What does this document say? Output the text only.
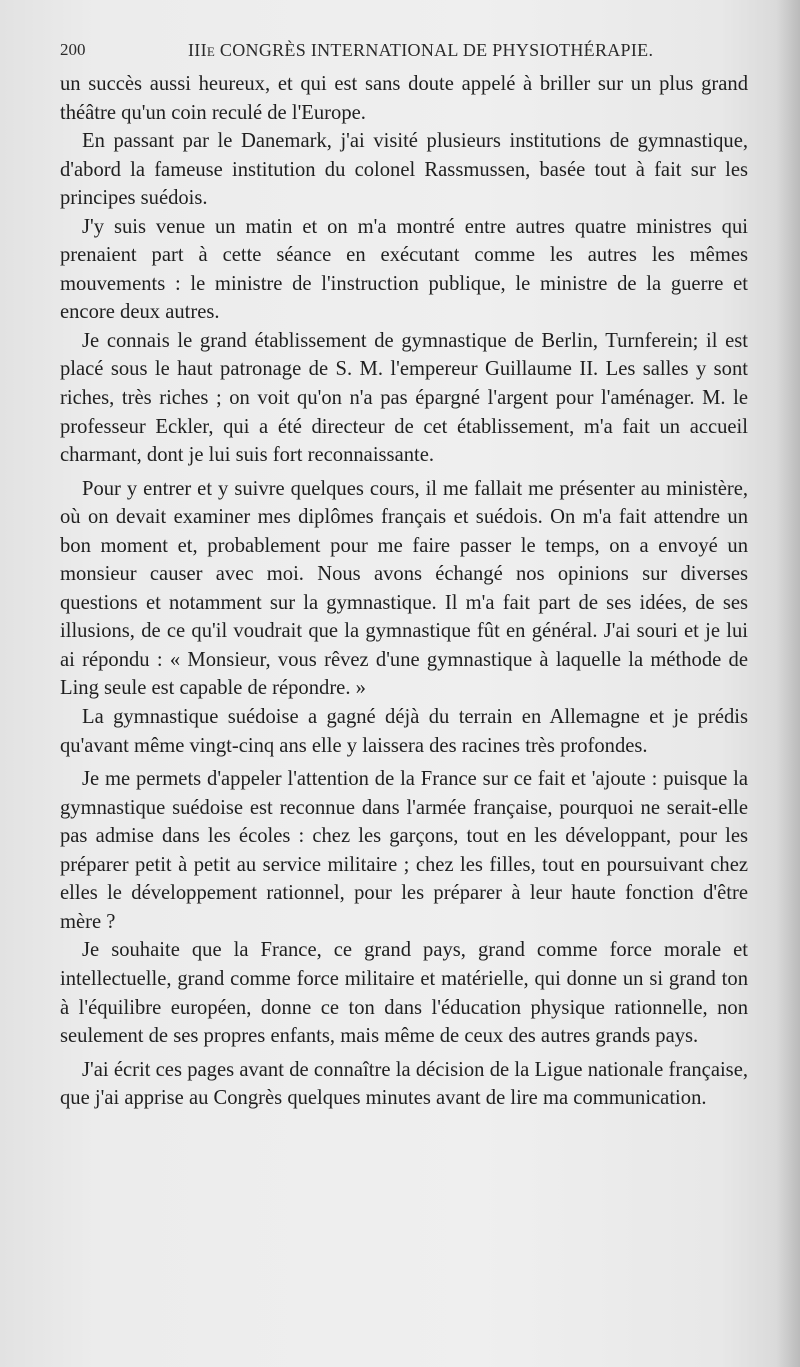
200	IIIe CONGRÈS INTERNATIONAL DE PHYSIOTHÉRAPIE.

un succès aussi heureux, et qui est sans doute appelé à briller sur un plus grand théâtre qu'un coin reculé de l'Europe.

En passant par le Danemark, j'ai visité plusieurs institutions de gymnastique, d'abord la fameuse institution du colonel Rassmussen, basée tout à fait sur les principes suédois.

J'y suis venue un matin et on m'a montré entre autres quatre ministres qui prenaient part à cette séance en exécutant comme les autres les mêmes mouvements : le ministre de l'instruction publique, le ministre de la guerre et encore deux autres.

Je connais le grand établissement de gymnastique de Berlin, Turnferein; il est placé sous le haut patronage de S. M. l'empereur Guillaume II. Les salles y sont riches, très riches ; on voit qu'on n'a pas épargné l'argent pour l'aménager. M. le professeur Eckler, qui a été directeur de cet établissement, m'a fait un accueil charmant, dont je lui suis fort reconnaissante.

Pour y entrer et y suivre quelques cours, il me fallait me présenter au ministère, où on devait examiner mes diplômes français et suédois. On m'a fait attendre un bon moment et, probablement pour me faire passer le temps, on a envoyé un monsieur causer avec moi. Nous avons échangé nos opinions sur diverses questions et notamment sur la gymnastique. Il m'a fait part de ses idées, de ses illusions, de ce qu'il voudrait que la gymnastique fût en général. J'ai souri et je lui ai répondu : « Monsieur, vous rêvez d'une gymnastique à laquelle la méthode de Ling seule est capable de répondre. »

La gymnastique suédoise a gagné déjà du terrain en Allemagne et je prédis qu'avant même vingt-cinq ans elle y laissera des racines très profondes.

Je me permets d'appeler l'attention de la France sur ce fait et 'ajoute : puisque la gymnastique suédoise est reconnue dans l'armée française, pourquoi ne serait-elle pas admise dans les écoles : chez les garçons, tout en les développant, pour les préparer petit à petit au service militaire ; chez les filles, tout en poursuivant chez elles le développement rationnel, pour les préparer à leur haute fonction d'être mère ?

Je souhaite que la France, ce grand pays, grand comme force morale et intellectuelle, grand comme force militaire et matérielle, qui donne un si grand ton à l'équilibre européen, donne ce ton dans l'éducation physique rationnelle, non seulement de ses propres enfants, mais même de ceux des autres grands pays.

J'ai écrit ces pages avant de connaître la décision de la Ligue nationale française, que j'ai apprise au Congrès quelques minutes avant de lire ma communication.
